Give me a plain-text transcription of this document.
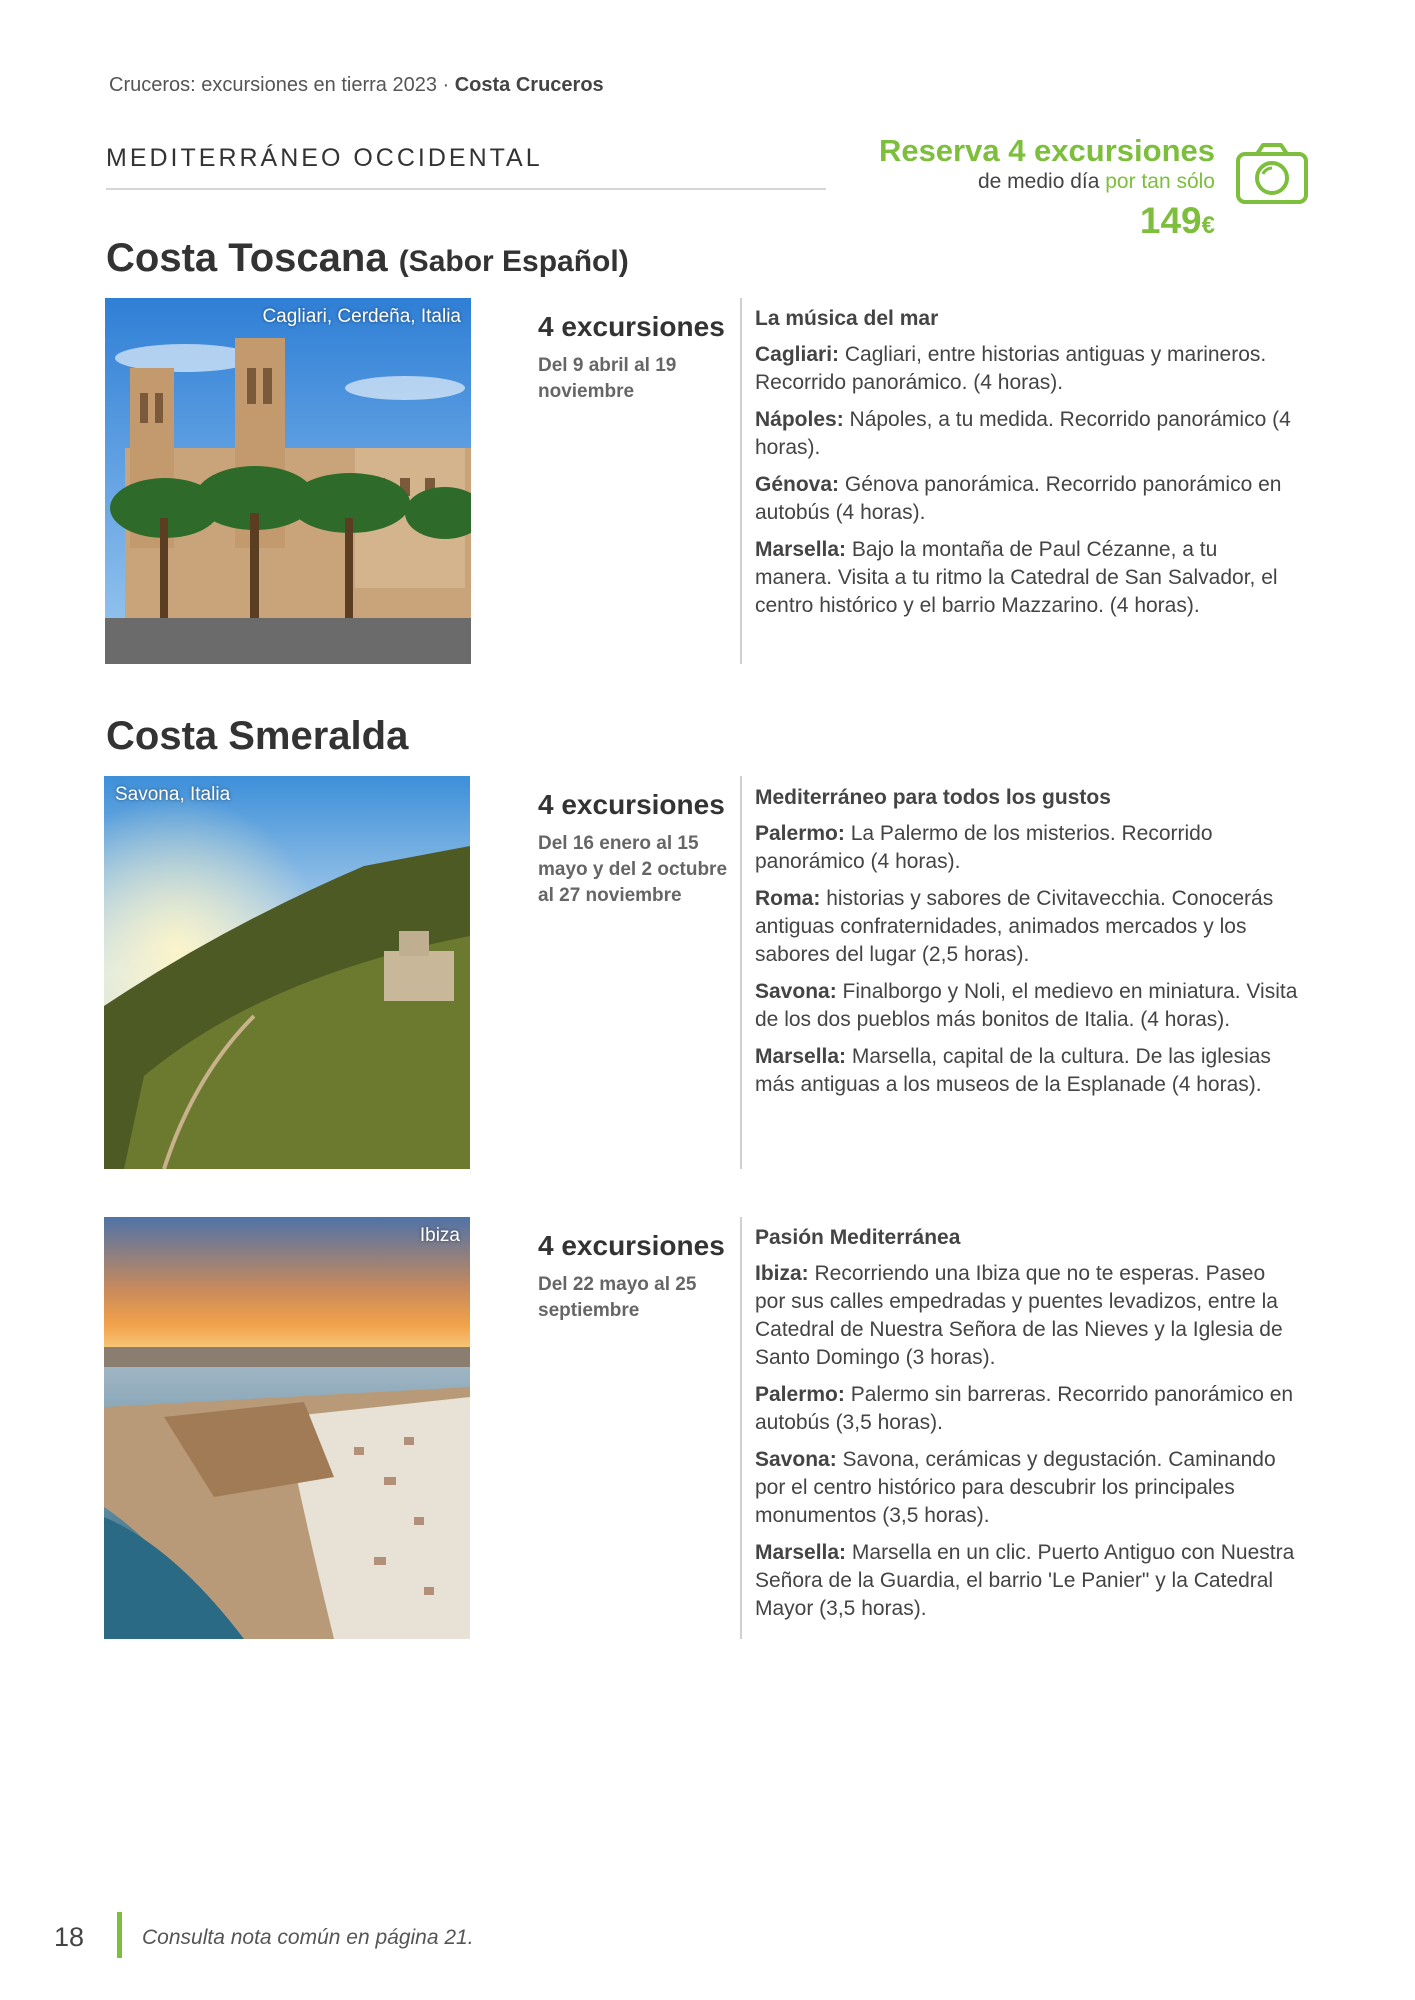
Cruceros: excursiones en tierra 2023 · Costa Cruceros
MEDITERRÁNEO OCCIDENTAL	Reserva 4 excursiones
de medio día por tan sólo
149€
Costa Toscana (Sabor Español)
Cagliari, Cerdeña, Italia	4 excursiones
Del 9 abril al 19 noviembre
La música del mar

Cagliari: Cagliari, entre historias antiguas y marineros. Recorrido panorámico. (4 horas).

Nápoles: Nápoles, a tu medida. Recorrido panorámico (4 horas).

Génova: Génova panorámica. Recorrido panorámico en autobús (4 horas).

Marsella: Bajo la montaña de Paul Cézanne, a tu manera. Visita a tu ritmo la Catedral de San Salvador, el centro histórico y el barrio Mazzarino. (4 horas).

Costa Smeralda
Savona, Italia	4 excursiones
Del 16 enero al 15 mayo y del 2 octubre al 27 noviembre
Mediterráneo para todos los gustos

Palermo: La Palermo de los misterios. Recorrido panorámico (4 horas).

Roma: historias y sabores de Civitavecchia. Conocerás antiguas confraternidades, animados mercados y los sabores del lugar (2,5 horas).

Savona: Finalborgo y Noli, el medievo en miniatura. Visita de los dos pueblos más bonitos de Italia. (4 horas).

Marsella: Marsella, capital de la cultura. De las iglesias más antiguas a los museos de la Esplanade (4 horas).

Ibiza	4 excursiones
Del 22 mayo al 25 septiembre
Pasión Mediterránea

Ibiza: Recorriendo una Ibiza que no te esperas. Paseo por sus calles empedradas y puentes levadizos, entre la Catedral de Nuestra Señora de las Nieves y la Iglesia de Santo Domingo (3 horas).

Palermo: Palermo sin barreras. Recorrido panorámico en autobús (3,5 horas).

Savona: Savona, cerámicas y degustación. Caminando por el centro histórico para descubrir los principales monumentos (3,5 horas).

Marsella: Marsella en un clic. Puerto Antiguo con Nuestra Señora de la Guardia, el barrio 'Le Panier" y la Catedral Mayor (3,5 horas).

18	Consulta nota común en página 21.
